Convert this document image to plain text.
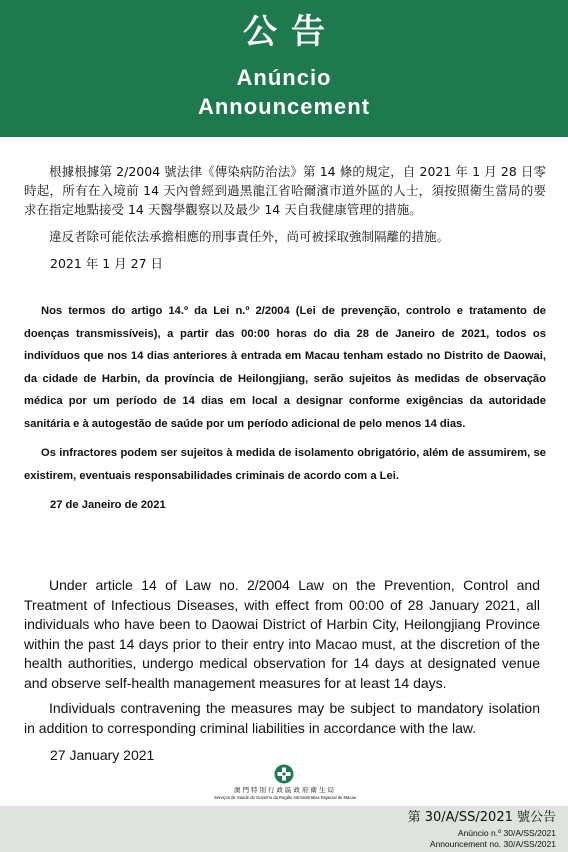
公告
Anúncio
Announcement

根據根據第 2/2004 號法律《傳染病防治法》第 14 條的規定，自 2021 年 1 月 28 日零時起，所有在入境前 14 天內曾經到過黑龍江省哈爾濱市道外區的人士，須按照衛生當局的要求在指定地點接受 14 天醫學觀察以及最少 14 天自我健康管理的措施。

違反者除可能依法承擔相應的刑事責任外，尚可被採取強制隔離的措施。

2021 年 1 月 27 日

Nos termos do artigo 14.º da Lei n.º 2/2004 (Lei de prevenção, controlo e tratamento de doenças transmissíveis), a partir das 00:00 horas do dia 28 de Janeiro de 2021, todos os indivíduos que nos 14 dias anteriores à entrada em Macau tenham estado no Distrito de Daowai, da cidade de Harbin, da província de Heilongjiang, serão sujeitos às medidas de observação médica por um período de 14 dias em local a designar conforme exigências da autoridade sanitária e à autogestão de saúde por um período adicional de pelo menos 14 dias.

Os infractores podem ser sujeitos à medida de isolamento obrigatório, além de assumirem, se existirem, eventuais responsabilidades criminais de acordo com a Lei.

27 de Janeiro de 2021

Under article 14 of Law no. 2/2004 Law on the Prevention, Control and Treatment of Infectious Diseases, with effect from 00:00 of 28 January 2021, all individuals who have been to Daowai District of Harbin City, Heilongjiang Province within the past 14 days prior to their entry into Macao must, at the discretion of the health authorities, undergo medical observation for 14 days at designated venue and observe self-health management measures for at least 14 days.

Individuals contravening the measures may be subject to mandatory isolation in addition to corresponding criminal liabilities in accordance with the law.

27 January 2021

澳門特別行政區政府衛生局
Serviços de Saúde do Governo da Região Administrativa Especial de Macau
第 30/A/SS/2021 號公告
Anúncio n.º 30/A/SS/2021
Announcement no. 30/A/SS/2021
